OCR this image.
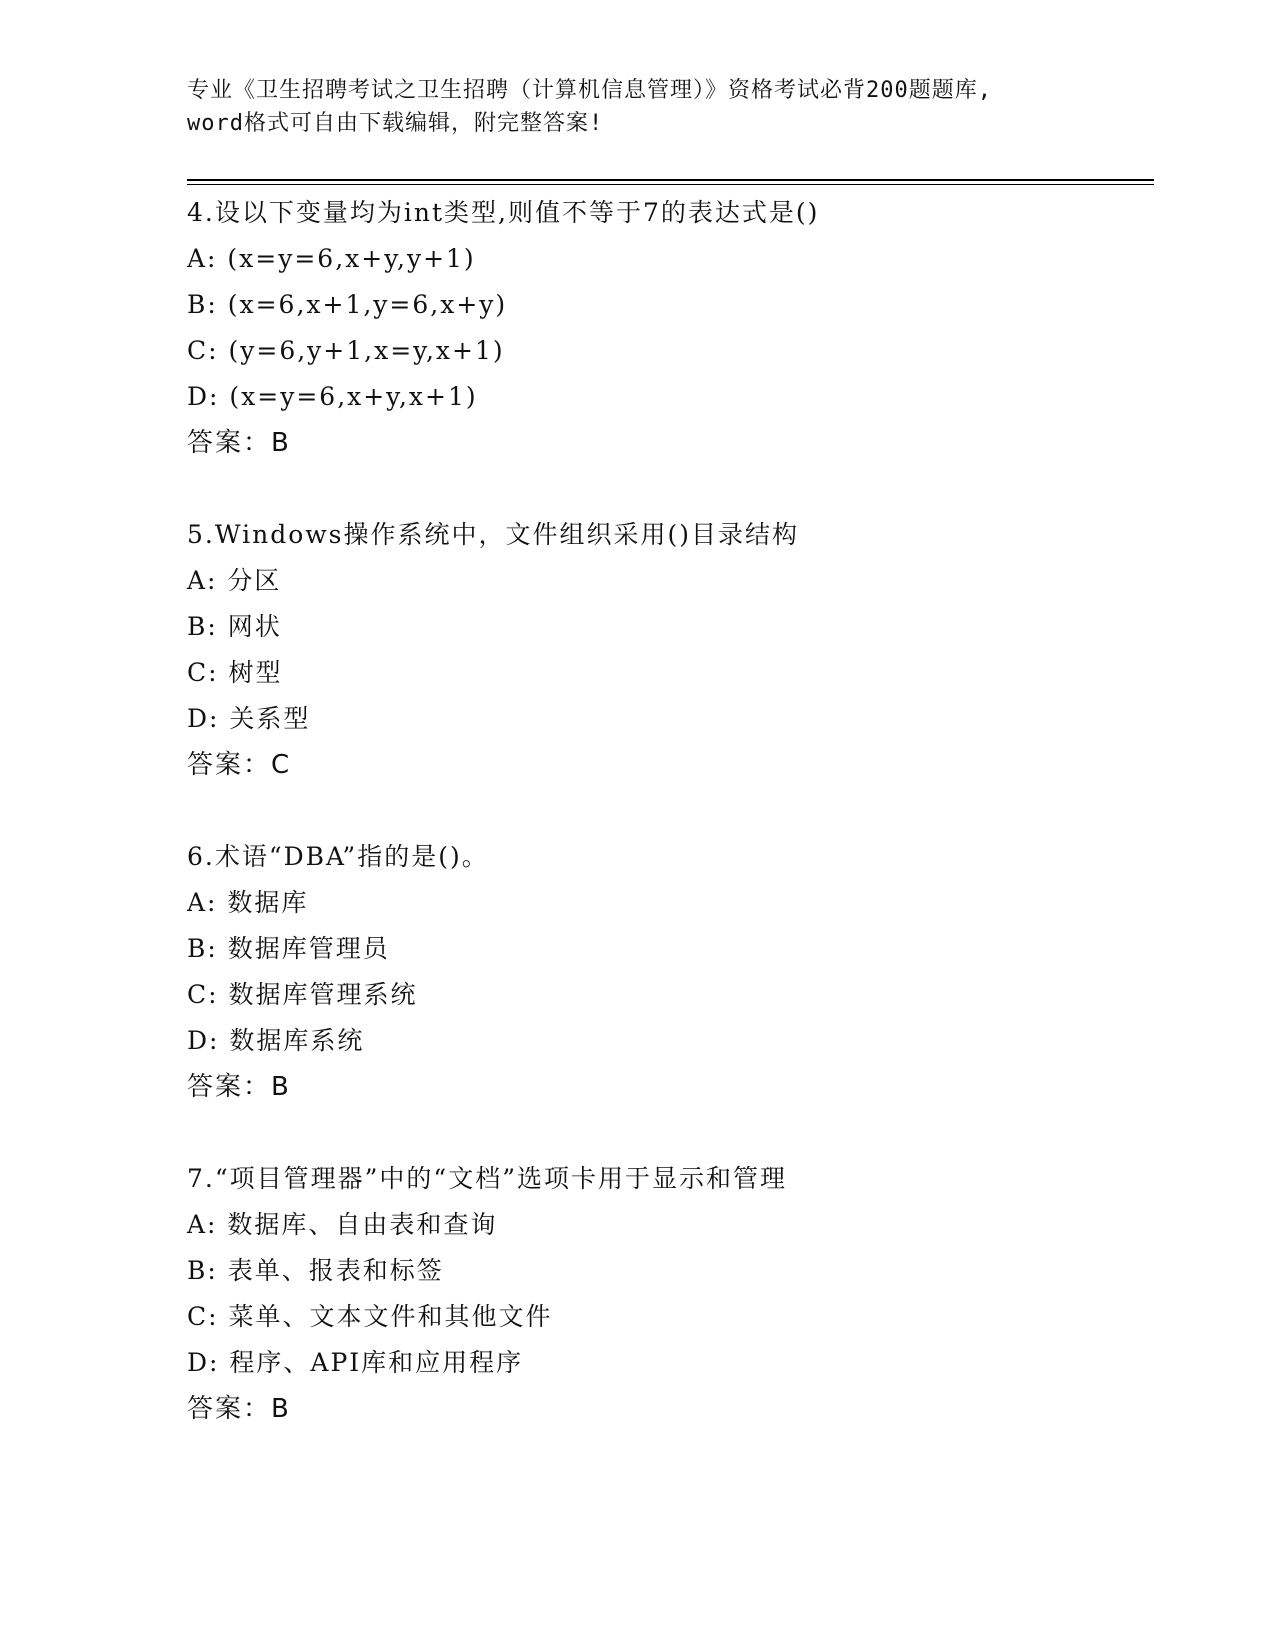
专业《卫生招聘考试之卫生招聘（计算机信息管理）》资格考试必背200题题库,
word格式可自由下载编辑，附完整答案!
4.设以下变量均为int类型,则值不等于7的表达式是()
A: (x=y=6,x+y,y+1)
B: (x=6,x+1,y=6,x+y)
C: (y=6,y+1,x=y,x+1)
D: (x=y=6,x+y,x+1)
答案：B
5.Windows操作系统中，文件组织采用()目录结构
A: 分区
B: 网状
C: 树型
D: 关系型
答案：C
6.术语“DBA”指的是()。
A: 数据库
B: 数据库管理员
C: 数据库管理系统
D: 数据库系统
答案：B
7.“项目管理器”中的“文档”选项卡用于显示和管理
A: 数据库、自由表和查询
B: 表单、报表和标签
C: 菜单、文本文件和其他文件
D: 程序、API库和应用程序
答案：B
